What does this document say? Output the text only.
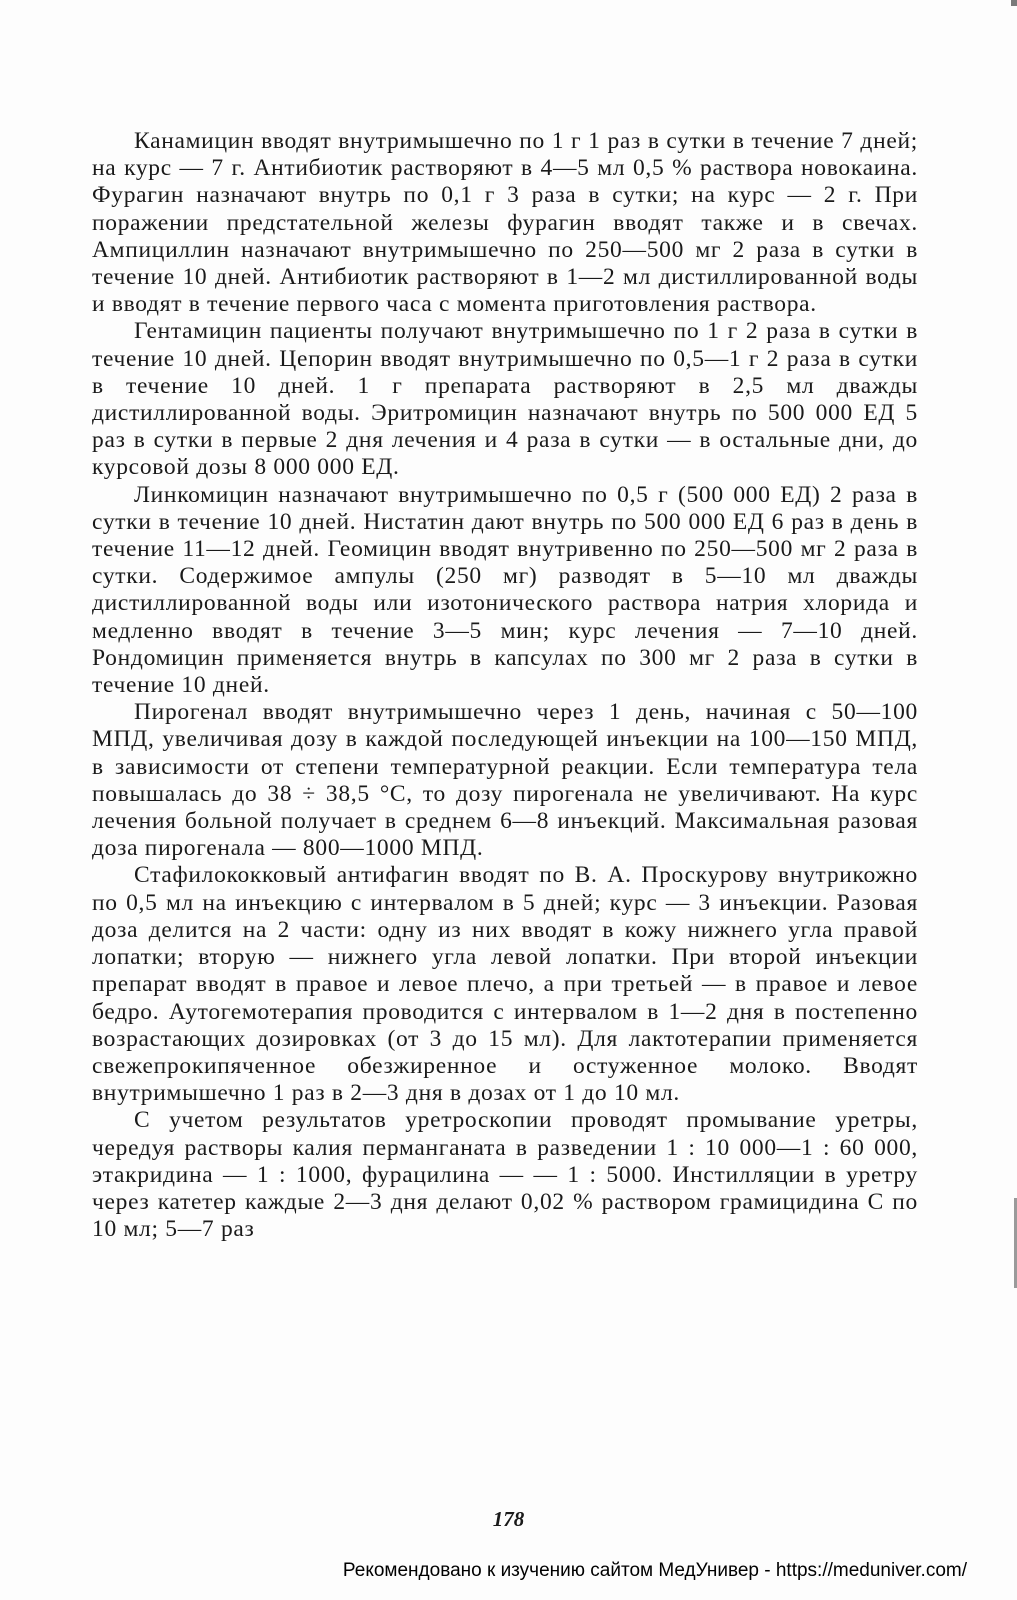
Канамицин вводят внутримышечно по 1 г 1 раз в сутки в течение 7 дней; на курс — 7 г. Антибиотик растворяют в 4—5 мл 0,5 % раствора новокаина. Фурагин назначают внутрь по 0,1 г 3 раза в сутки; на курс — 2 г. При поражении предстательной железы фурагин вводят также и в свечах. Ампициллин назначают внутримышечно по 250—500 мг 2 раза в сутки в течение 10 дней. Антибиотик растворяют в 1—2 мл дистиллированной воды и вводят в течение первого часа с момента приготовления раствора.

Гентамицин пациенты получают внутримышечно по 1 г 2 раза в сутки в течение 10 дней. Цепорин вводят внутримышечно по 0,5—1 г 2 раза в сутки в течение 10 дней. 1 г препарата растворяют в 2,5 мл дважды дистиллированной воды. Эритромицин назначают внутрь по 500 000 ЕД 5 раз в сутки в первые 2 дня лечения и 4 раза в сутки — в остальные дни, до курсовой дозы 8 000 000 ЕД.

Линкомицин назначают внутримышечно по 0,5 г (500 000 ЕД) 2 раза в сутки в течение 10 дней. Нистатин дают внутрь по 500 000 ЕД 6 раз в день в течение 11—12 дней. Геомицин вводят внутривенно по 250—500 мг 2 раза в сутки. Содержимое ампулы (250 мг) разводят в 5—10 мл дважды дистиллированной воды или изотонического раствора натрия хлорида и медленно вводят в течение 3—5 мин; курс лечения — 7—10 дней. Рондомицин применяется внутрь в капсулах по 300 мг 2 раза в сутки в течение 10 дней.

Пирогенал вводят внутримышечно через 1 день, начиная с 50—100 МПД, увеличивая дозу в каждой последующей инъекции на 100—150 МПД, в зависимости от степени температурной реакции. Если температура тела повышалась до 38 ÷ 38,5 °С, то дозу пирогенала не увеличивают. На курс лечения больной получает в среднем 6—8 инъекций. Максимальная разовая доза пирогенала — 800—1000 МПД.

Стафилококковый антифагин вводят по В. А. Проскурову внутрикожно по 0,5 мл на инъекцию с интервалом в 5 дней; курс — 3 инъекции. Разовая доза делится на 2 части: одну из них вводят в кожу нижнего угла правой лопатки; вторую — нижнего угла левой лопатки. При второй инъекции препарат вводят в правое и левое плечо, а при третьей — в правое и левое бедро. Аутогемотерапия проводится с интервалом в 1—2 дня в постепенно возрастающих дозировках (от 3 до 15 мл). Для лактотерапии применяется свежепрокипяченное обезжиренное и остуженное молоко. Вводят внутримышечно 1 раз в 2—3 дня в дозах от 1 до 10 мл.

С учетом результатов уретроскопии проводят промывание уретры, чередуя растворы калия перманганата в разведении 1 : 10 000—1 : 60 000, этакридина — 1 : 1000, фурацилина — — 1 : 5000. Инстилляции в уретру через катетер каждые 2—3 дня делают 0,02 % раствором грамицидина С по 10 мл; 5—7 раз

178
Рекомендовано к изучению сайтом МедУнивер - https://meduniver.com/
